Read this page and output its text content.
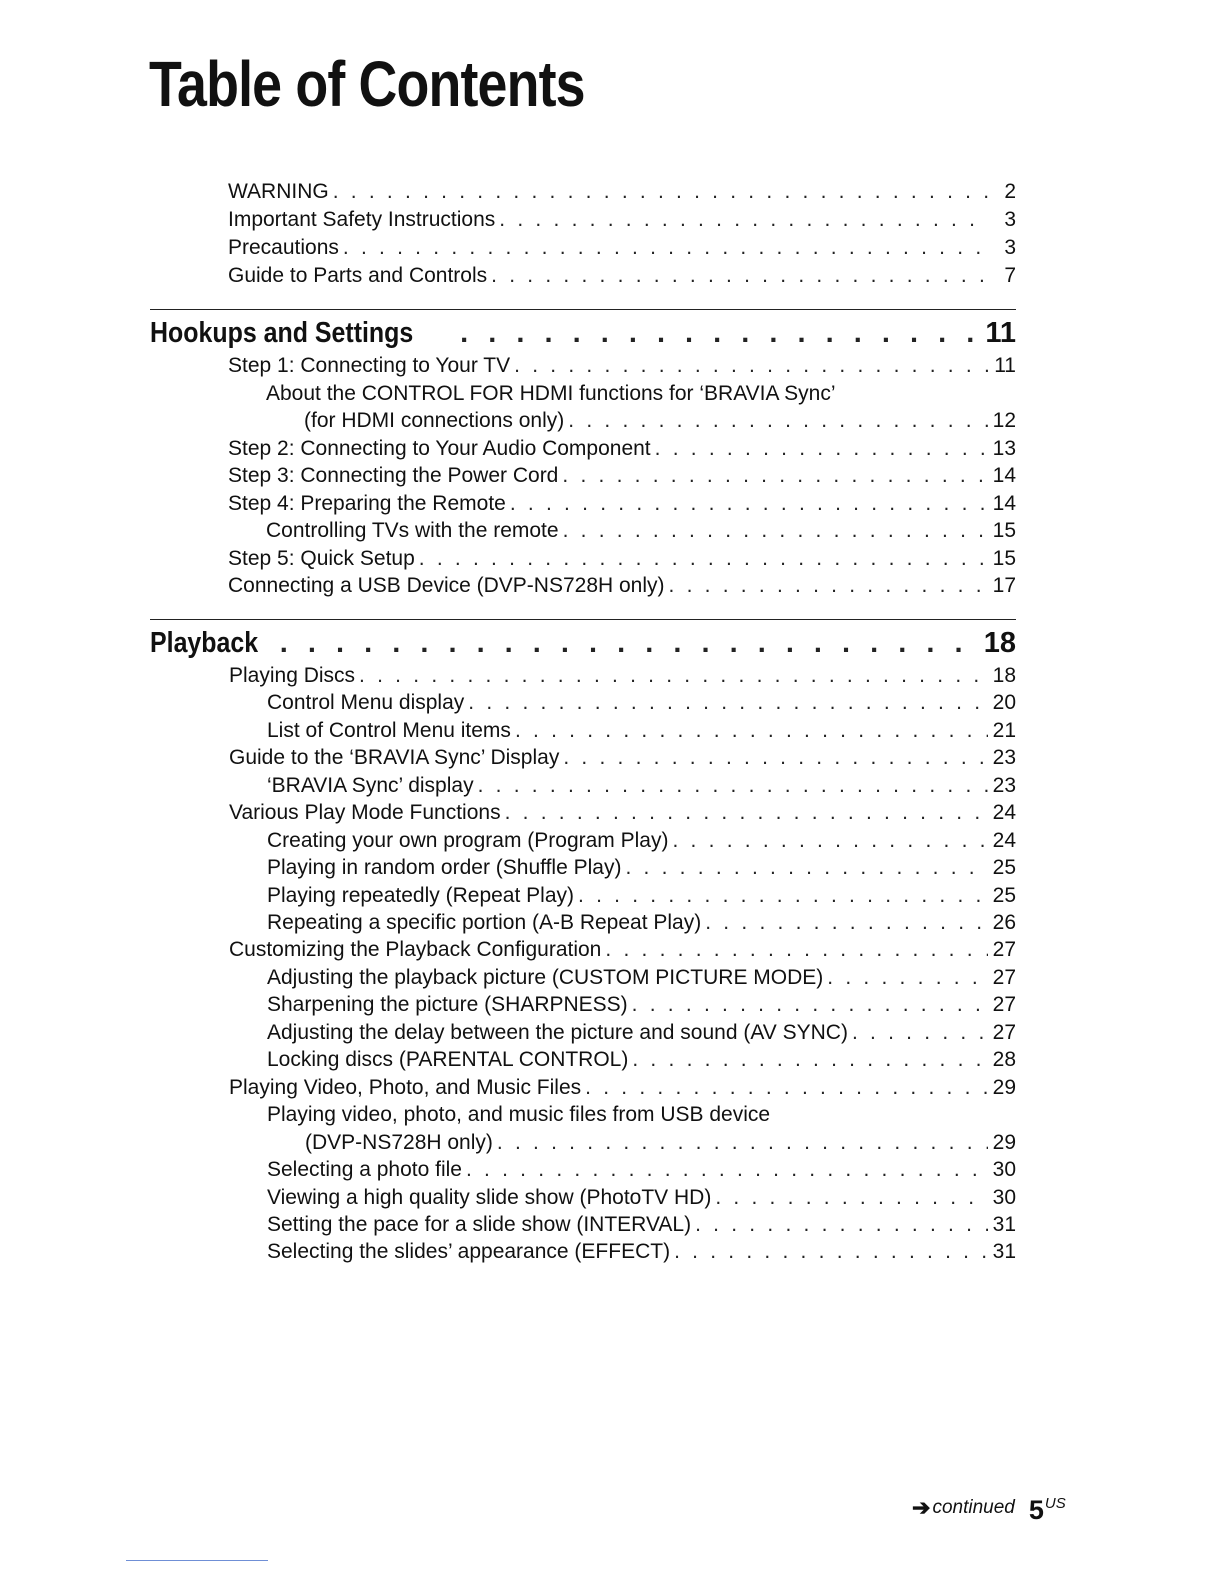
Table of Contents
WARNING . . .	2
Important Safety Instructions . . .	3
Precautions . . .	3
Guide to Parts and Controls . . .	7
Hookups and Settings . . .	11
Step 1: Connecting to Your TV . . .	11
About the CONTROL FOR HDMI functions for ‘BRAVIA Sync’
(for HDMI connections only) . . .	12
Step 2: Connecting to Your Audio Component . . .	13
Step 3: Connecting the Power Cord . . .	14
Step 4: Preparing the Remote . . .	14
Controlling TVs with the remote . . .	15
Step 5: Quick Setup . . .	15
Connecting a USB Device (DVP-NS728H only) . . .	17
Playback . . .	18
Playing Discs . . .	18
Control Menu display . . .	20
List of Control Menu items . . .	21
Guide to the ‘BRAVIA Sync’ Display . . .	23
‘BRAVIA Sync’ display . . .	23
Various Play Mode Functions . . .	24
Creating your own program (Program Play) . . .	24
Playing in random order (Shuffle Play) . . .	25
Playing repeatedly (Repeat Play) . . .	25
Repeating a specific portion (A-B Repeat Play) . . .	26
Customizing the Playback Configuration . . .	27
Adjusting the playback picture (CUSTOM PICTURE MODE) . . .	27
Sharpening the picture (SHARPNESS) . . .	27
Adjusting the delay between the picture and sound (AV SYNC) . . .	27
Locking discs (PARENTAL CONTROL) . . .	28
Playing Video, Photo, and Music Files . . .	29
Playing video, photo, and music files from USB device
(DVP-NS728H only) . . .	29
Selecting a photo file . . .	30
Viewing a high quality slide show (PhotoTV HD) . . .	30
Setting the pace for a slide show (INTERVAL) . . .	31
Selecting the slides’ appearance (EFFECT) . . .	31
➔ continued 5 US
